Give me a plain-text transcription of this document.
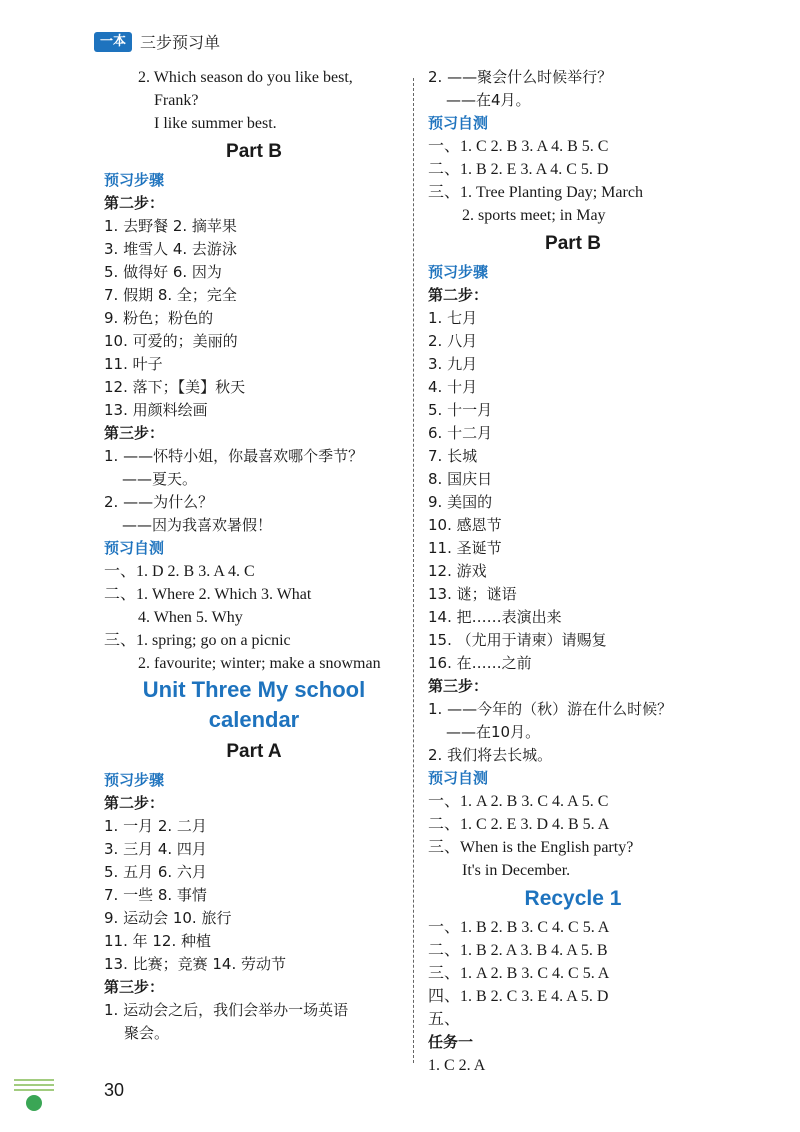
一本 三步预习单
2. Which season do you like best,
Frank?
I like summer best.
Part B
预习步骤
第二步：
1. 去野餐 2. 摘苹果
3. 堆雪人 4. 去游泳
5. 做得好 6. 因为
7. 假期 8. 全；完全
9. 粉色；粉色的
10. 可爱的；美丽的
11. 叶子
12. 落下；【美】秋天
13. 用颜料绘画
第三步：
1. ——怀特小姐，你最喜欢哪个季节？
——夏天。
2. ——为什么？
——因为我喜欢暑假！
预习自测
一、1. D 2. B 3. A 4. C
二、1. Where 2. Which 3. What
4. When 5. Why
三、1. spring; go on a picnic
2. favourite; winter; make a snowman
Unit Three My school
calendar
Part A
预习步骤
第二步：
1. 一月 2. 二月
3. 三月 4. 四月
5. 五月 6. 六月
7. 一些 8. 事情
9. 运动会 10. 旅行
11. 年 12. 种植
13. 比赛；竞赛 14. 劳动节
第三步：
1. 运动会之后，我们会举办一场英语
聚会。
2. ——聚会什么时候举行？
——在4月。
预习自测
一、1. C 2. B 3. A 4. B 5. C
二、1. B 2. E 3. A 4. C 5. D
三、1. Tree Planting Day; March
2. sports meet; in May
Part B
预习步骤
第二步：
1. 七月
2. 八月
3. 九月
4. 十月
5. 十一月
6. 十二月
7. 长城
8. 国庆日
9. 美国的
10. 感恩节
11. 圣诞节
12. 游戏
13. 谜；谜语
14. 把……表演出来
15. （尤用于请柬）请赐复
16. 在……之前
第三步：
1. ——今年的（秋）游在什么时候？
——在10月。
2. 我们将去长城。
预习自测
一、1. A 2. B 3. C 4. A 5. C
二、1. C 2. E 3. D 4. B 5. A
三、When is the English party?
It's in December.
Recycle 1
一、1. B 2. B 3. C 4. C 5. A
二、1. B 2. A 3. B 4. A 5. B
三、1. A 2. B 3. C 4. C 5. A
四、1. B 2. C 3. E 4. A 5. D
五、
任务一
1. C 2. A
30
